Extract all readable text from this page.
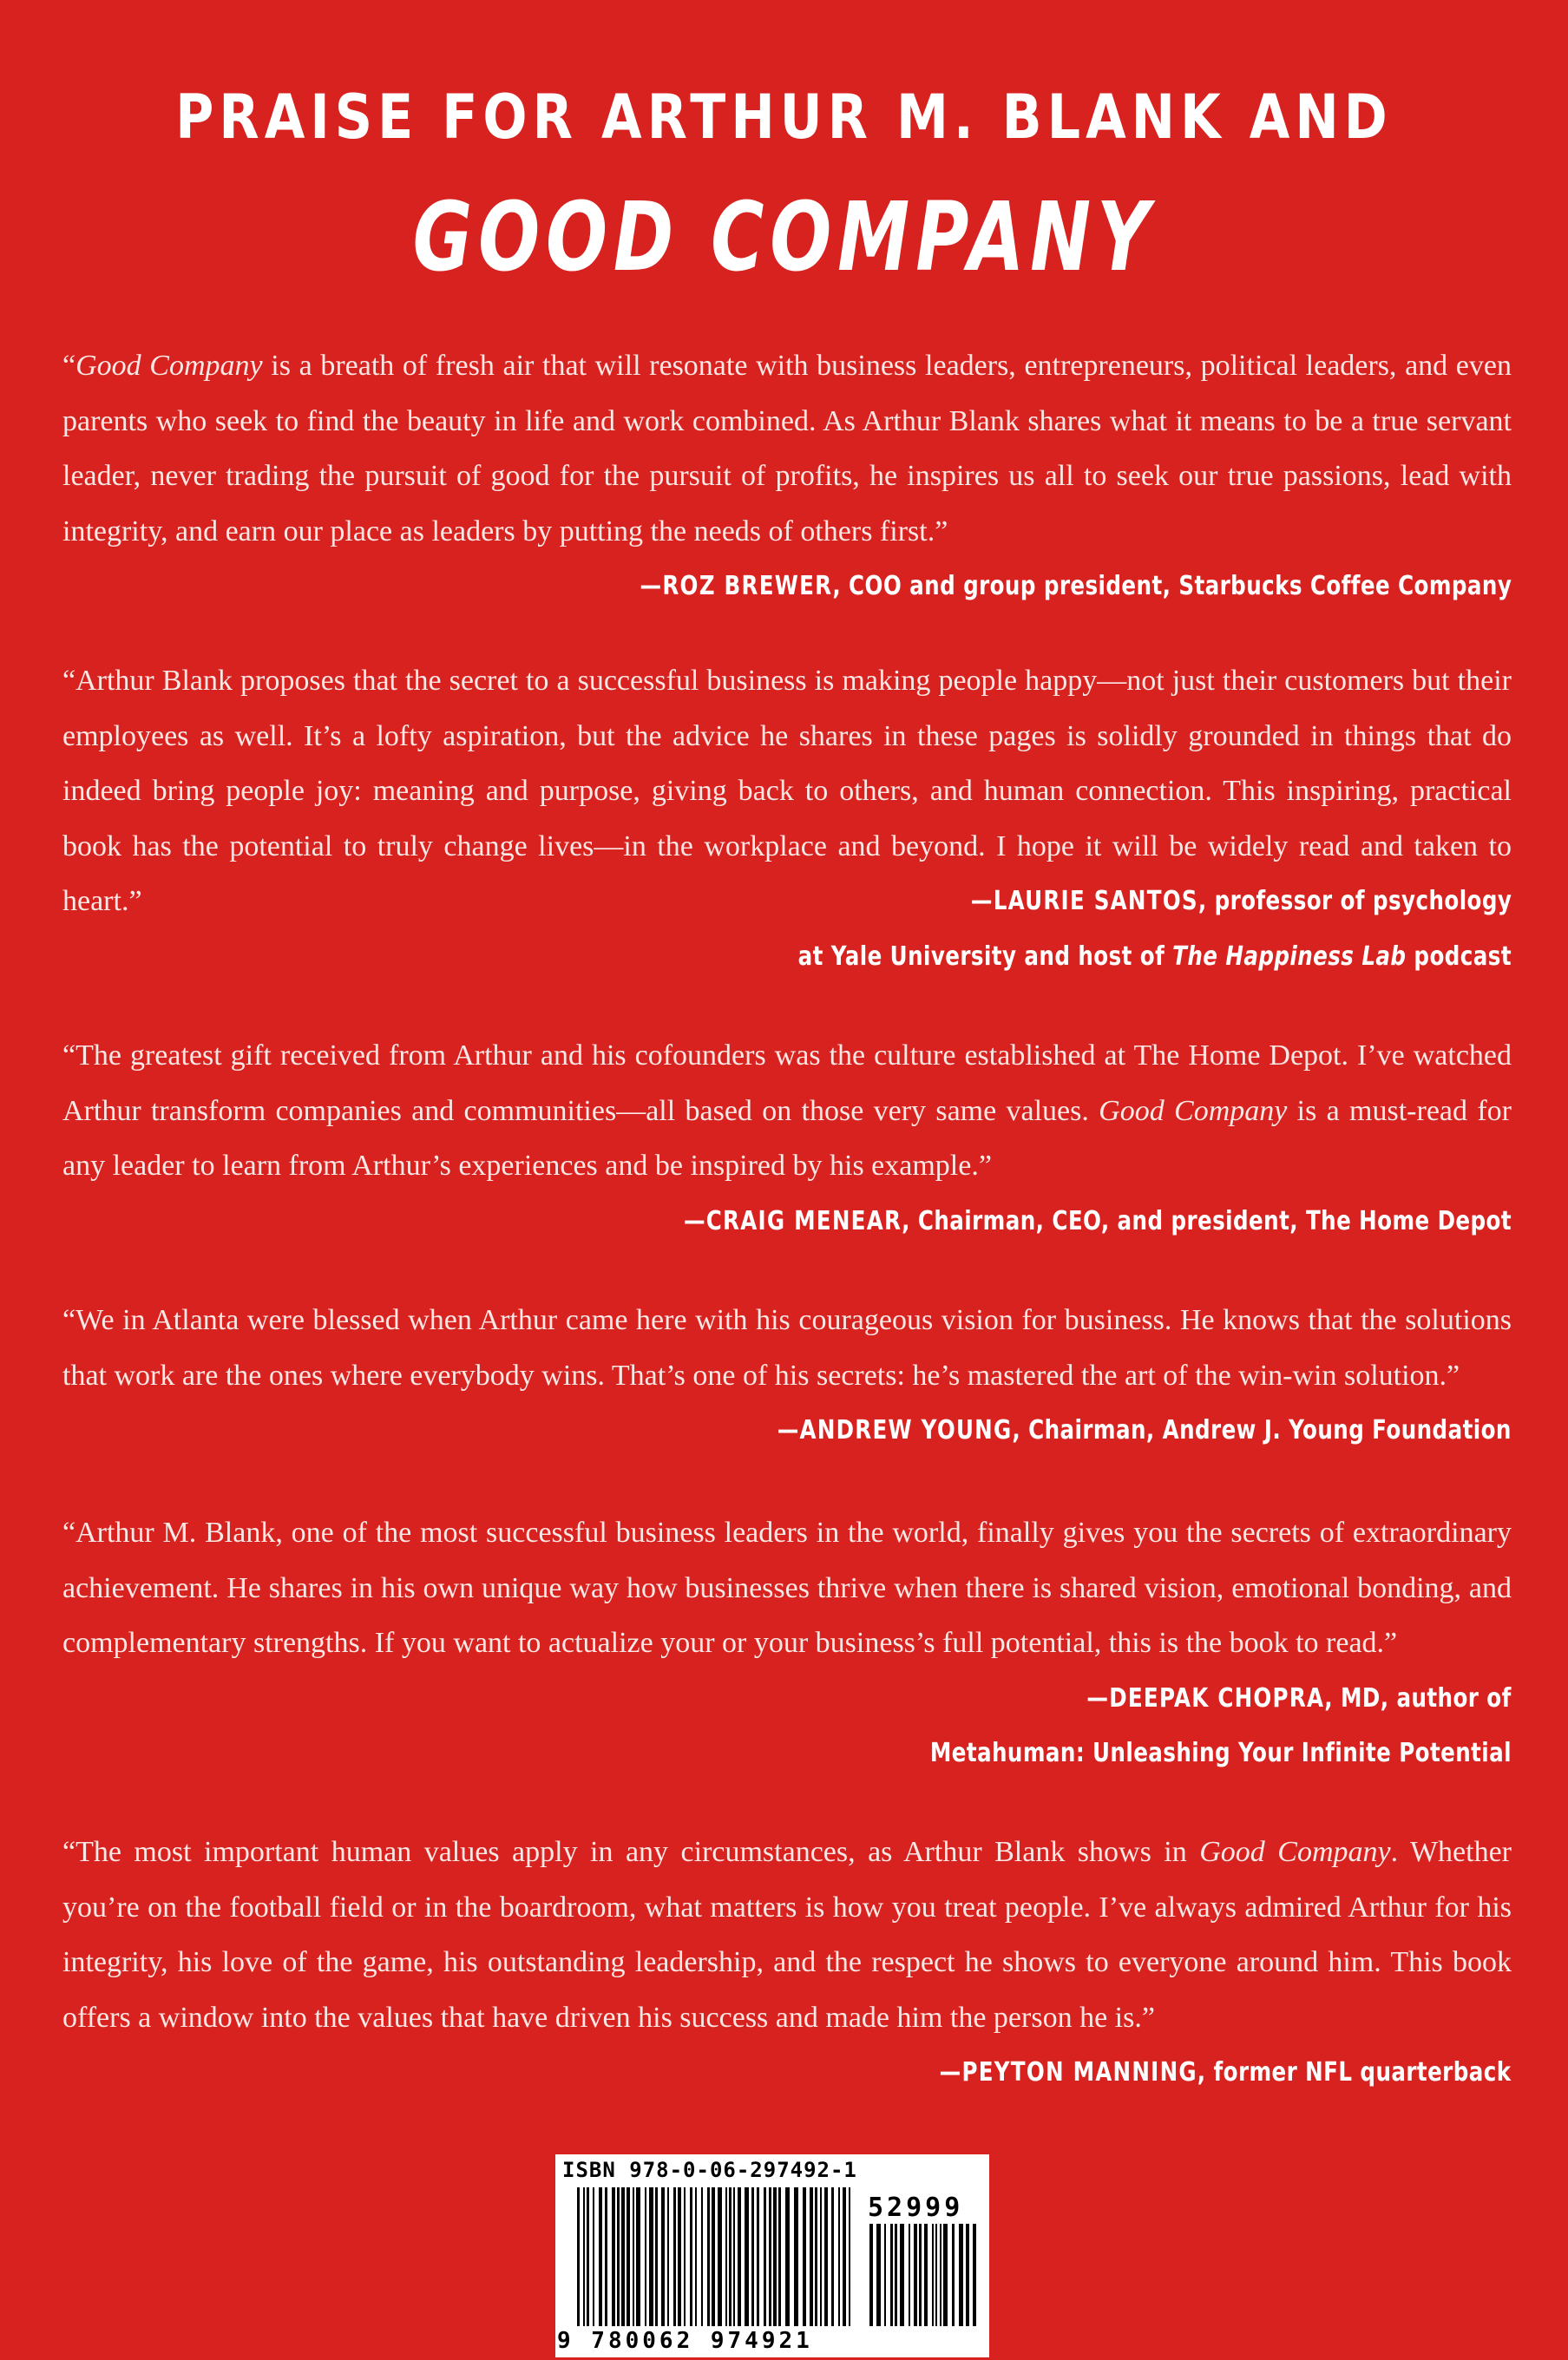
PRAISE FOR ARTHUR M. BLANK AND
GOOD COMPANY
“Good Company is a breath of fresh air that will resonate with business leaders, entrepreneurs, political leaders, and even parents who seek to find the beauty in life and work combined. As Arthur Blank shares what it means to be a true servant leader, never trading the pursuit of good for the pursuit of profits, he inspires us all to seek our true passions, lead with integrity, and earn our place as leaders by putting the needs of others first.”
—ROZ BREWER, COO and group president, Starbucks Coffee Company
“Arthur Blank proposes that the secret to a successful business is making people happy—not just their customers but their employees as well. It’s a lofty aspiration, but the advice he shares in these pages is solidly grounded in things that do indeed bring people joy: meaning and purpose, giving back to others, and human connection. This inspiring, practical book has the potential to truly change lives—in the workplace and beyond. I hope it will be widely read and taken to heart.”	—LAURIE SANTOS, professor of psychology
at Yale University and host of The Happiness Lab podcast
“The greatest gift received from Arthur and his cofounders was the culture established at The Home Depot. I’ve watched Arthur transform companies and communities—all based on those very same values. Good Company is a must-read for any leader to learn from Arthur’s experiences and be inspired by his example.”
—CRAIG MENEAR, Chairman, CEO, and president, The Home Depot
“We in Atlanta were blessed when Arthur came here with his courageous vision for business. He knows that the solutions that work are the ones where everybody wins. That’s one of his secrets: he’s mastered the art of the win-win solution.”
—ANDREW YOUNG, Chairman, Andrew J. Young Foundation
“Arthur M. Blank, one of the most successful business leaders in the world, finally gives you the secrets of extraordinary achievement. He shares in his own unique way how businesses thrive when there is shared vision, emotional bonding, and complementary strengths. If you want to actualize your or your business’s full potential, this is the book to read.”
—DEEPAK CHOPRA, MD, author of
Metahuman: Unleashing Your Infinite Potential
“The most important human values apply in any circumstances, as Arthur Blank shows in Good Company. Whether you’re on the football field or in the boardroom, what matters is how you treat people. I’ve always admired Arthur for his integrity, his love of the game, his outstanding leadership, and the respect he shows to everyone around him. This book offers a window into the values that have driven his success and made him the person he is.”
—PEYTON MANNING, former NFL quarterback
ISBN 978-0-06-297492-1
52999
9 780062 974921
